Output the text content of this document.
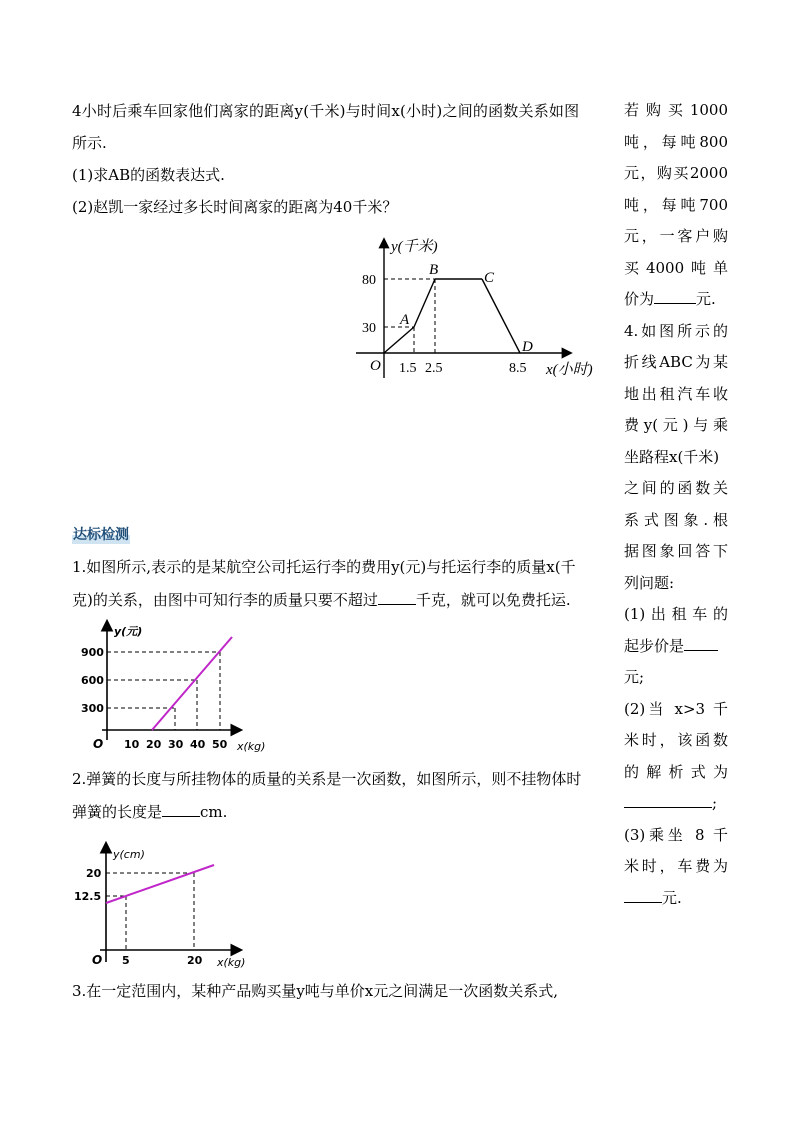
4小时后乘车回家他们离家的距离y(千米)与时间x(小时)之间的函数关系如图
所示.
(1)求AB的函数表达式.
(2)赵凯一家经过多长时间离家的距离为40千米？
y(千米)
x(小时)
O
80
30
1.5 2.5	8.5
A
B	C
D

若购买1000

吨，每吨800

元，购买2000

吨，每吨700

元，一客户购

买4000吨单

价为	元.

4.如图所示的

折线ABC为某

地出租汽车收

费y(元)与乘

坐路程x(千米)

之间的函数关

系式图象.根

据图象回答下

列问题:

(1)出租车的

起步价是

元;

(2)当 x>3 千

米时，该函数

的解析式为

;

(3)乘坐 8 千

米时，车费为

元.

达标检测
1.如图所示,表示的是某航空公司托运行李的费用y(元)与托运行李的质量x(千
克)的关系，由图中可知行李的质量只要不超过	千克，就可以免费托运.
y(元)
x(kg)
O
900
600
300
10 20 30 40 50
2.弹簧的长度与所挂物体的质量的关系是一次函数，如图所示，则不挂物体时
弹簧的长度是	cm.
y(cm)
x(kg)
O
20
12.5
5	20
3.在一定范围内，某种产品购买量y吨与单价x元之间满足一次函数关系式,
